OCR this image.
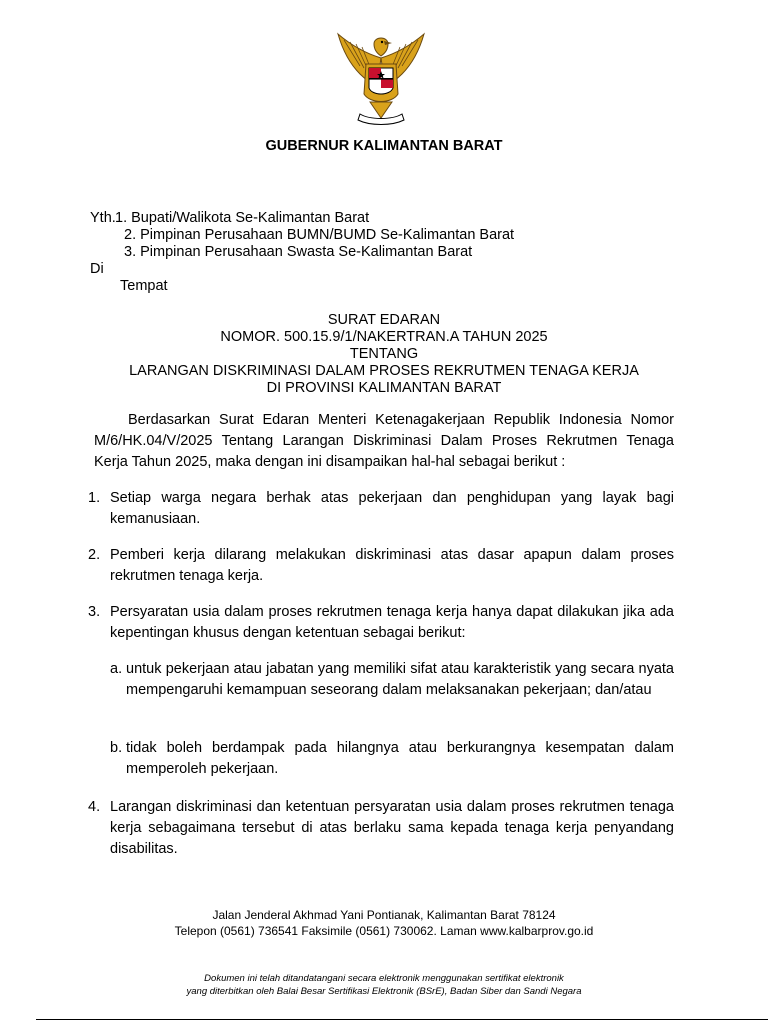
GUBERNUR KALIMANTAN BARAT
Yth. 1. Bupati/Walikota Se-Kalimantan Barat
2. Pimpinan Perusahaan BUMN/BUMD Se-Kalimantan Barat
3. Pimpinan Perusahaan Swasta Se-Kalimantan Barat
Di
Tempat
SURAT EDARAN
NOMOR. 500.15.9/1/NAKERTRAN.A TAHUN 2025
TENTANG
LARANGAN DISKRIMINASI DALAM PROSES REKRUTMEN TENAGA KERJA
DI PROVINSI KALIMANTAN BARAT
Berdasarkan Surat Edaran Menteri Ketenagakerjaan Republik Indonesia Nomor M/6/HK.04/V/2025 Tentang Larangan Diskriminasi Dalam Proses Rekrutmen Tenaga Kerja Tahun 2025, maka dengan ini disampaikan hal-hal sebagai berikut :
1. Setiap warga negara berhak atas pekerjaan dan penghidupan yang layak bagi kemanusiaan.
2. Pemberi kerja dilarang melakukan diskriminasi atas dasar apapun dalam proses rekrutmen tenaga kerja.
3. Persyaratan usia dalam proses rekrutmen tenaga kerja hanya dapat dilakukan jika ada kepentingan khusus dengan ketentuan sebagai berikut:
a. untuk pekerjaan atau jabatan yang memiliki sifat atau karakteristik yang secara nyata mempengaruhi kemampuan seseorang dalam melaksanakan pekerjaan; dan/atau
b. tidak boleh berdampak pada hilangnya atau berkurangnya kesempatan dalam memperoleh pekerjaan.
4. Larangan diskriminasi dan ketentuan persyaratan usia dalam proses rekrutmen tenaga kerja sebagaimana tersebut di atas berlaku sama kepada tenaga kerja penyandang disabilitas.
Jalan Jenderal Akhmad Yani Pontianak, Kalimantan Barat 78124
Telepon (0561) 736541 Faksimile (0561) 730062. Laman www.kalbarprov.go.id
Dokumen ini telah ditandatangani secara elektronik menggunakan sertifikat elektronik
yang diterbitkan oleh Balai Besar Sertifikasi Elektronik (BSrE), Badan Siber dan Sandi Negara
